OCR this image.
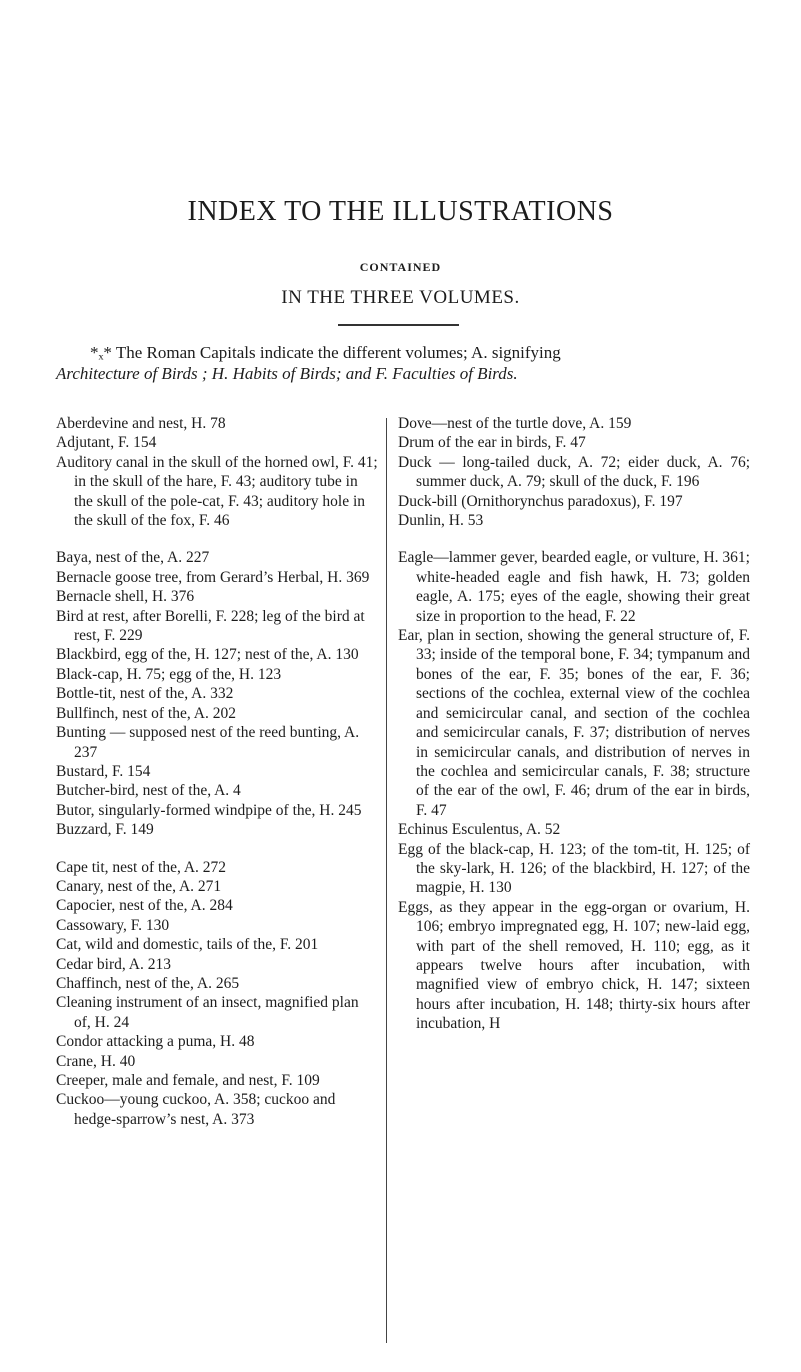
INDEX TO THE ILLUSTRATIONS
CONTAINED
IN THE THREE VOLUMES.
*ₓ* The Roman Capitals indicate the different volumes; A. signifying
Architecture of Birds ; H. Habits of Birds; and F. Faculties of Birds.
Aberdevine and nest, H. 78
Adjutant, F. 154
Auditory canal in the skull of the horned owl, F. 41; in the skull of the hare, F. 43; auditory tube in the skull of the pole-cat, F. 43; auditory hole in the skull of the fox, F. 46
Baya, nest of the, A. 227
Bernacle goose tree, from Gerard’s Herbal, H. 369
Bernacle shell, H. 376
Bird at rest, after Borelli, F. 228; leg of the bird at rest, F. 229
Blackbird, egg of the, H. 127; nest of the, A. 130
Black-cap, H. 75; egg of the, H. 123
Bottle-tit, nest of the, A. 332
Bullfinch, nest of the, A. 202
Bunting — supposed nest of the reed bunting, A. 237
Bustard, F. 154
Butcher-bird, nest of the, A. 4
Butor, singularly-formed windpipe of the, H. 245
Buzzard, F. 149
Cape tit, nest of the, A. 272
Canary, nest of the, A. 271
Capocier, nest of the, A. 284
Cassowary, F. 130
Cat, wild and domestic, tails of the, F. 201
Cedar bird, A. 213
Chaffinch, nest of the, A. 265
Cleaning instrument of an insect, magnified plan of, H. 24
Condor attacking a puma, H. 48
Crane, H. 40
Creeper, male and female, and nest, F. 109
Cuckoo—young cuckoo, A. 358; cuckoo and hedge-sparrow’s nest, A. 373
Dove—nest of the turtle dove, A. 159
Drum of the ear in birds, F. 47
Duck — long-tailed duck, A. 72; eider duck, A. 76; summer duck, A. 79; skull of the duck, F. 196
Duck-bill (Ornithorynchus paradoxus), F. 197
Dunlin, H. 53
Eagle—lammer gever, bearded eagle, or vulture, H. 361; white-headed eagle and fish hawk, H. 73; golden eagle, A. 175; eyes of the eagle, showing their great size in proportion to the head, F. 22
Ear, plan in section, showing the general structure of, F. 33; inside of the temporal bone, F. 34; tympanum and bones of the ear, F. 35; bones of the ear, F. 36; sections of the cochlea, external view of the cochlea and semicircular canal, and section of the cochlea and semicircular canals, F. 37; distribution of nerves in semicircular canals, and distribution of nerves in the cochlea and semicircular canals, F. 38; structure of the ear of the owl, F. 46; drum of the ear in birds, F. 47
Echinus Esculentus, A. 52
Egg of the black-cap, H. 123; of the tom-tit, H. 125; of the sky-lark, H. 126; of the blackbird, H. 127; of the magpie, H. 130
Eggs, as they appear in the egg-organ or ovarium, H. 106; embryo impregnated egg, H. 107; new-laid egg, with part of the shell removed, H. 110; egg, as it appears twelve hours after incubation, with magnified view of embryo chick, H. 147; sixteen hours after incubation, H. 148; thirty-six hours after incubation, H
